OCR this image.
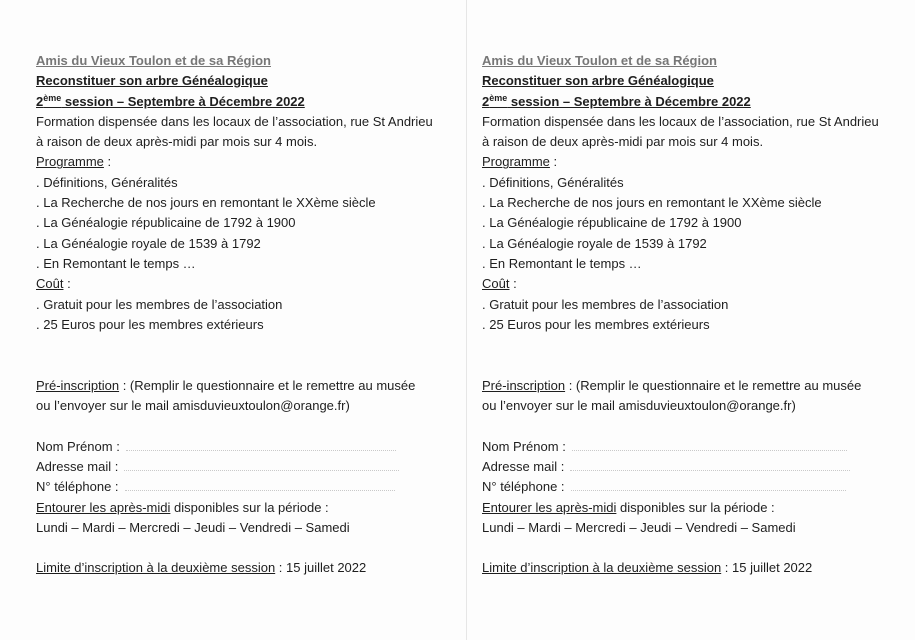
Amis du Vieux Toulon et de sa Région
Reconstituer son arbre Généalogique
2ème session – Septembre à Décembre 2022
Formation dispensée dans les locaux de l’association, rue St Andrieu
à raison de deux après-midi par mois sur 4 mois.
Programme :
. Définitions, Généralités
. La Recherche de nos jours en remontant le XXème siècle
. La Généalogie républicaine de 1792 à 1900
. La Généalogie royale de 1539 à 1792
. En Remontant le temps …
Coût :
. Gratuit pour les membres de l’association
. 25 Euros pour les membres extérieurs
Pré-inscription : (Remplir le questionnaire et le remettre au musée
ou l’envoyer sur le mail amisduvieuxtoulon@orange.fr)
Nom Prénom :
Adresse mail :
N° téléphone :
Entourer les après-midi disponibles sur la période :
Lundi – Mardi – Mercredi – Jeudi – Vendredi – Samedi
Limite d’inscription à la deuxième session : 15 juillet 2022
Amis du Vieux Toulon et de sa Région
Reconstituer son arbre Généalogique
2ème session – Septembre à Décembre 2022
Formation dispensée dans les locaux de l’association, rue St Andrieu
à raison de deux après-midi par mois sur 4 mois.
Programme :
. Définitions, Généralités
. La Recherche de nos jours en remontant le XXème siècle
. La Généalogie républicaine de 1792 à 1900
. La Généalogie royale de 1539 à 1792
. En Remontant le temps …
Coût :
. Gratuit pour les membres de l’association
. 25 Euros pour les membres extérieurs
Pré-inscription : (Remplir le questionnaire et le remettre au musée
ou l’envoyer sur le mail amisduvieuxtoulon@orange.fr)
Nom Prénom :
Adresse mail :
N° téléphone :
Entourer les après-midi disponibles sur la période :
Lundi – Mardi – Mercredi – Jeudi – Vendredi – Samedi
Limite d’inscription à la deuxième session : 15 juillet 2022
